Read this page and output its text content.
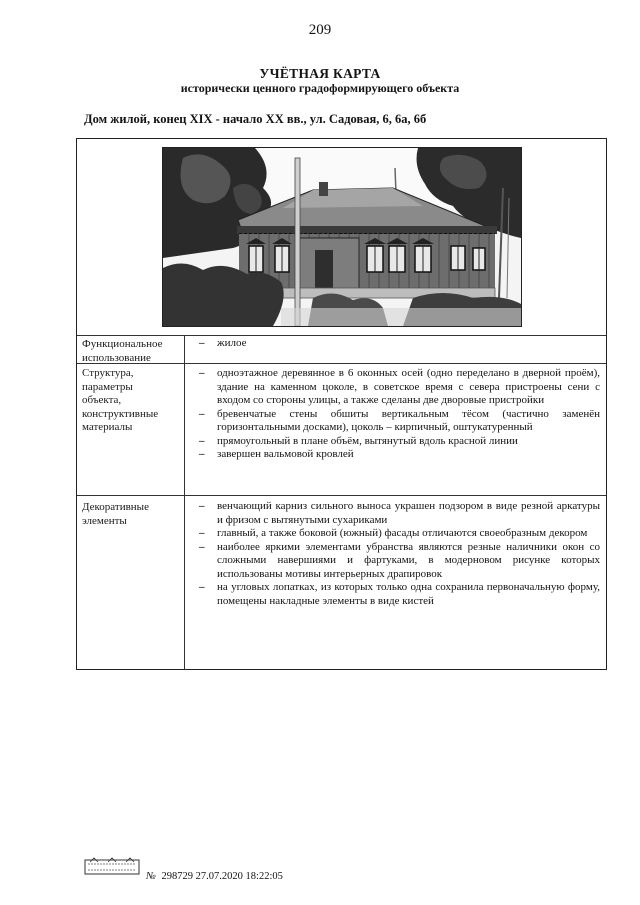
209
УЧЁТНАЯ КАРТА
исторически ценного градоформирующего объекта
Дом жилой, конец XIX - начало XX вв., ул. Садовая, 6, 6а, 6б
Функциональное
использование
– жилое
Структура,
параметры
объекта,
конструктивные
материалы
– одноэтажное деревянное в 6 оконных осей (одно переделано в дверной проём), здание на каменном цоколе, в советское время с севера пристроены сени с входом со стороны улицы, а также сделаны две дворовые пристройки
– бревенчатые стены обшиты вертикальным тёсом (частично заменён горизонтальными досками), цоколь – кирпичный, оштукатуренный
– прямоугольный в плане объём, вытянутый вдоль красной линии
– завершен вальмовой кровлей
Декоративные
элементы
– венчающий карниз сильного выноса украшен подзором в виде резной аркатуры и фризом с вытянутыми сухариками
– главный, а также боковой (южный) фасады отличаются своеобразным декором
– наиболее яркими элементами убранства являются резные наличники окон со сложными навершиями и фартуками, в модерновом рисунке которых использованы мотивы интерьерных драпировок
– на угловых лопатках, из которых только одна сохранила первоначальную форму, помещены накладные элементы в виде кистей
№ 298729 27.07.2020 18:22:05
